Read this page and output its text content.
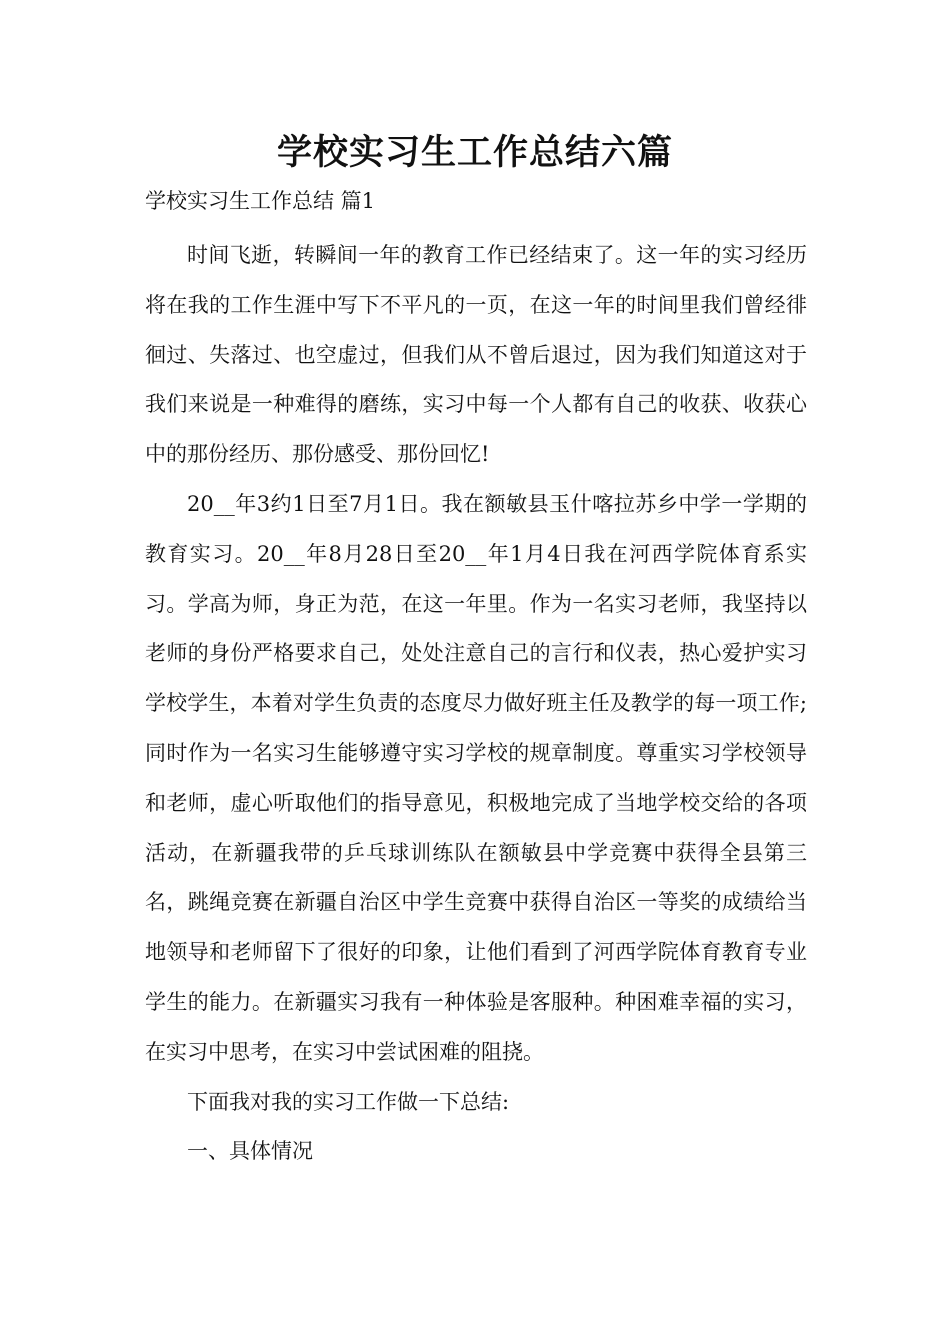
学校实习生工作总结六篇
学校实习生工作总结 篇1

时间飞逝，转瞬间一年的教育工作已经结束了。这一年的实习经历将在我的工作生涯中写下不平凡的一页，在这一年的时间里我们曾经徘徊过、失落过、也空虚过，但我们从不曾后退过，因为我们知道这对于我们来说是一种难得的磨练，实习中每一个人都有自己的收获、收获心中的那份经历、那份感受、那份回忆!

20__年3约1日至7月1日。我在额敏县玉什喀拉苏乡中学一学期的教育实习。20__年8月28日至20__年1月4日我在河西学院体育系实习。学高为师，身正为范，在这一年里。作为一名实习老师，我坚持以老师的身份严格要求自己，处处注意自己的言行和仪表，热心爱护实习学校学生，本着对学生负责的态度尽力做好班主任及教学的每一项工作;同时作为一名实习生能够遵守实习学校的规章制度。尊重实习学校领导和老师，虚心听取他们的指导意见，积极地完成了当地学校交给的各项活动，在新疆我带的乒乓球训练队在额敏县中学竞赛中获得全县第三名，跳绳竞赛在新疆自治区中学生竞赛中获得自治区一等奖的成绩给当地领导和老师留下了很好的印象，让他们看到了河西学院体育教育专业学生的能力。在新疆实习我有一种体验是客服种。种困难幸福的实习，在实习中思考，在实习中尝试困难的阻挠。

下面我对我的实习工作做一下总结:

一、具体情况
